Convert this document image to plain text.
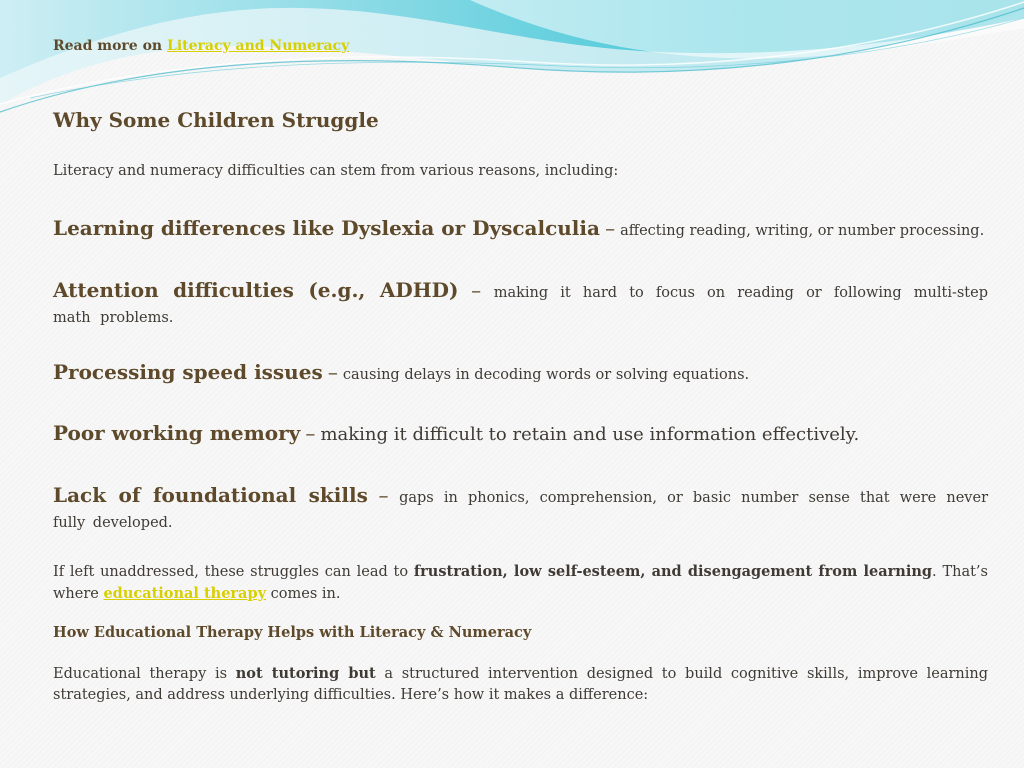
Read more on Literacy and Numeracy
Why Some Children Struggle
Literacy and numeracy difficulties can stem from various reasons, including:
Learning differences like Dyslexia or Dyscalculia – affecting reading, writing, or number processing.
Attention difficulties (e.g., ADHD) – making it hard to focus on reading or following multi-step math problems.
Processing speed issues – causing delays in decoding words or solving equations.
Poor working memory – making it difficult to retain and use information effectively.
Lack of foundational skills – gaps in phonics, comprehension, or basic number sense that were never fully developed.
If left unaddressed, these struggles can lead to frustration, low self-esteem, and disengagement from learning. That’s where educational therapy comes in.
How Educational Therapy Helps with Literacy & Numeracy
Educational therapy is not tutoring but a structured intervention designed to build cognitive skills, improve learning strategies, and address underlying difficulties. Here’s how it makes a difference:
